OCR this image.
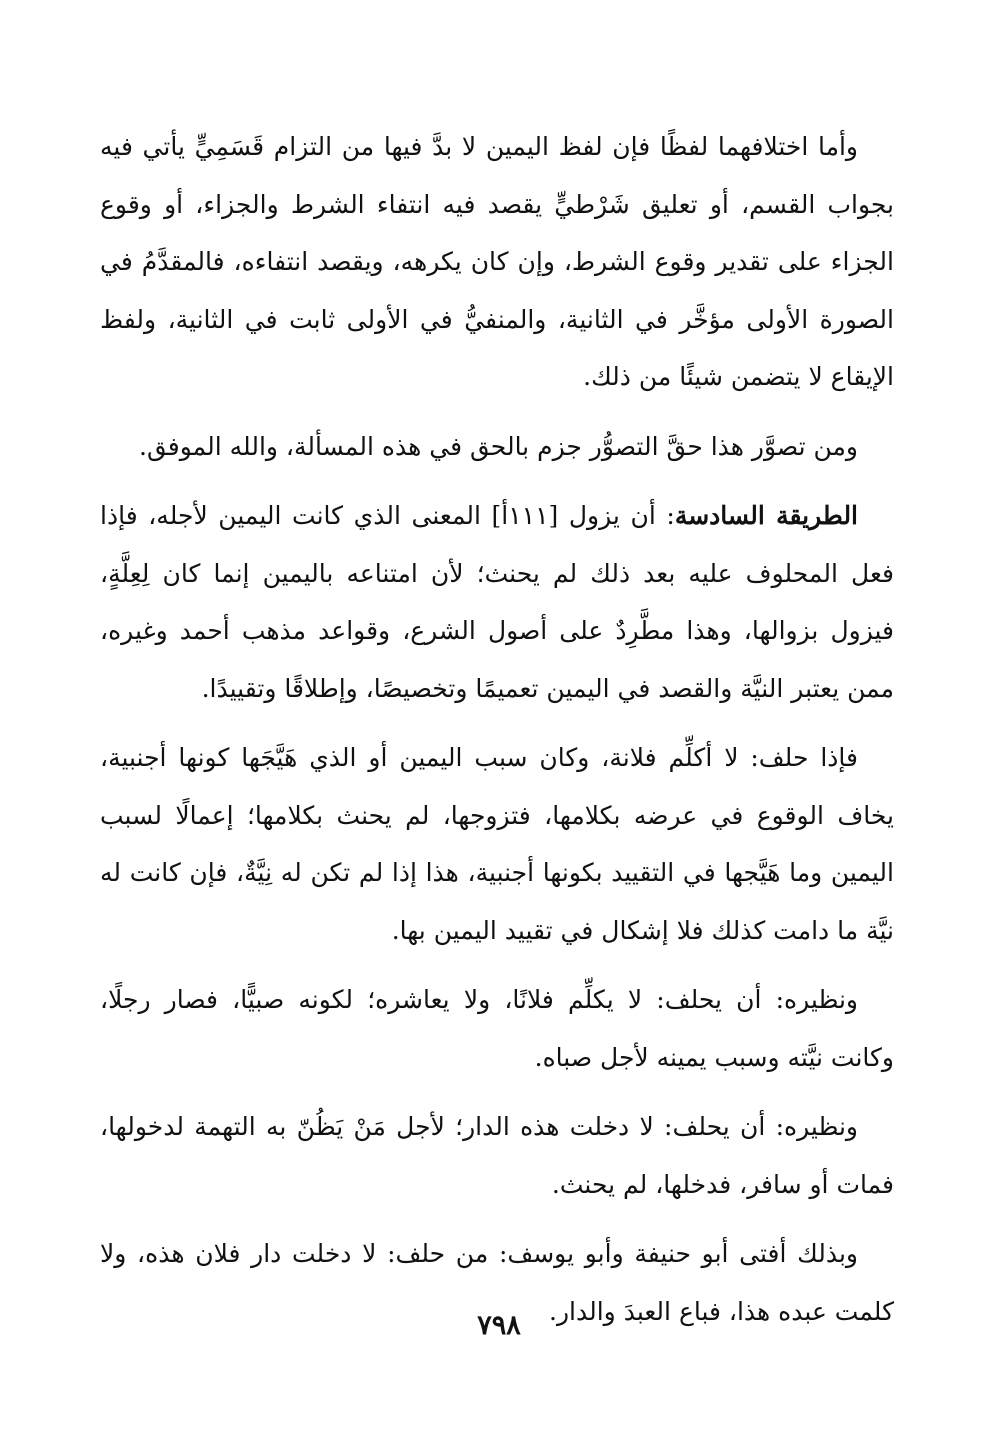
وأما اختلافهما لفظًا فإن لفظ اليمين لا بدَّ فيها من التزام قَسَمِيٍّ يأتي فيه بجواب القسم، أو تعليق شَرْطيٍّ يقصد فيه انتفاء الشرط والجزاء، أو وقوع الجزاء على تقدير وقوع الشرط، وإن كان يكرهه، ويقصد انتفاءه، فالمقدَّمُ في الصورة الأولى مؤخَّر في الثانية، والمنفيُّ في الأولى ثابت في الثانية، ولفظ الإيقاع لا يتضمن شيئًا من ذلك.

ومن تصوَّر هذا حقَّ التصوُّر جزم بالحق في هذه المسألة، والله الموفق.

الطريقة السادسة: أن يزول [١١١أ] المعنى الذي كانت اليمين لأجله، فإذا فعل المحلوف عليه بعد ذلك لم يحنث؛ لأن امتناعه باليمين إنما كان لِعِلَّةٍ، فيزول بزوالها، وهذا مطَّرِدٌ على أصول الشرع، وقواعد مذهب أحمد وغيره، ممن يعتبر النيَّة والقصد في اليمين تعميمًا وتخصيصًا، وإطلاقًا وتقييدًا.

فإذا حلف: لا أكلِّم فلانة، وكان سبب اليمين أو الذي هَيَّجَها كونها أجنبية، يخاف الوقوع في عرضه بكلامها، فتزوجها، لم يحنث بكلامها؛ إعمالًا لسبب اليمين وما هَيَّجها في التقييد بكونها أجنبية، هذا إذا لم تكن له نِيَّةٌ، فإن كانت له نيَّة ما دامت كذلك فلا إشكال في تقييد اليمين بها.

ونظيره: أن يحلف: لا يكلِّم فلانًا، ولا يعاشره؛ لكونه صبيًّا، فصار رجلًا، وكانت نيَّته وسبب يمينه لأجل صباه.

ونظيره: أن يحلف: لا دخلت هذه الدار؛ لأجل مَنْ يَظُنّ به التهمة لدخولها، فمات أو سافر، فدخلها، لم يحنث.

وبذلك أفتى أبو حنيفة وأبو يوسف: من حلف: لا دخلت دار فلان هذه، ولا كلمت عبده هذا، فباع العبدَ والدار.

٧٩٨
